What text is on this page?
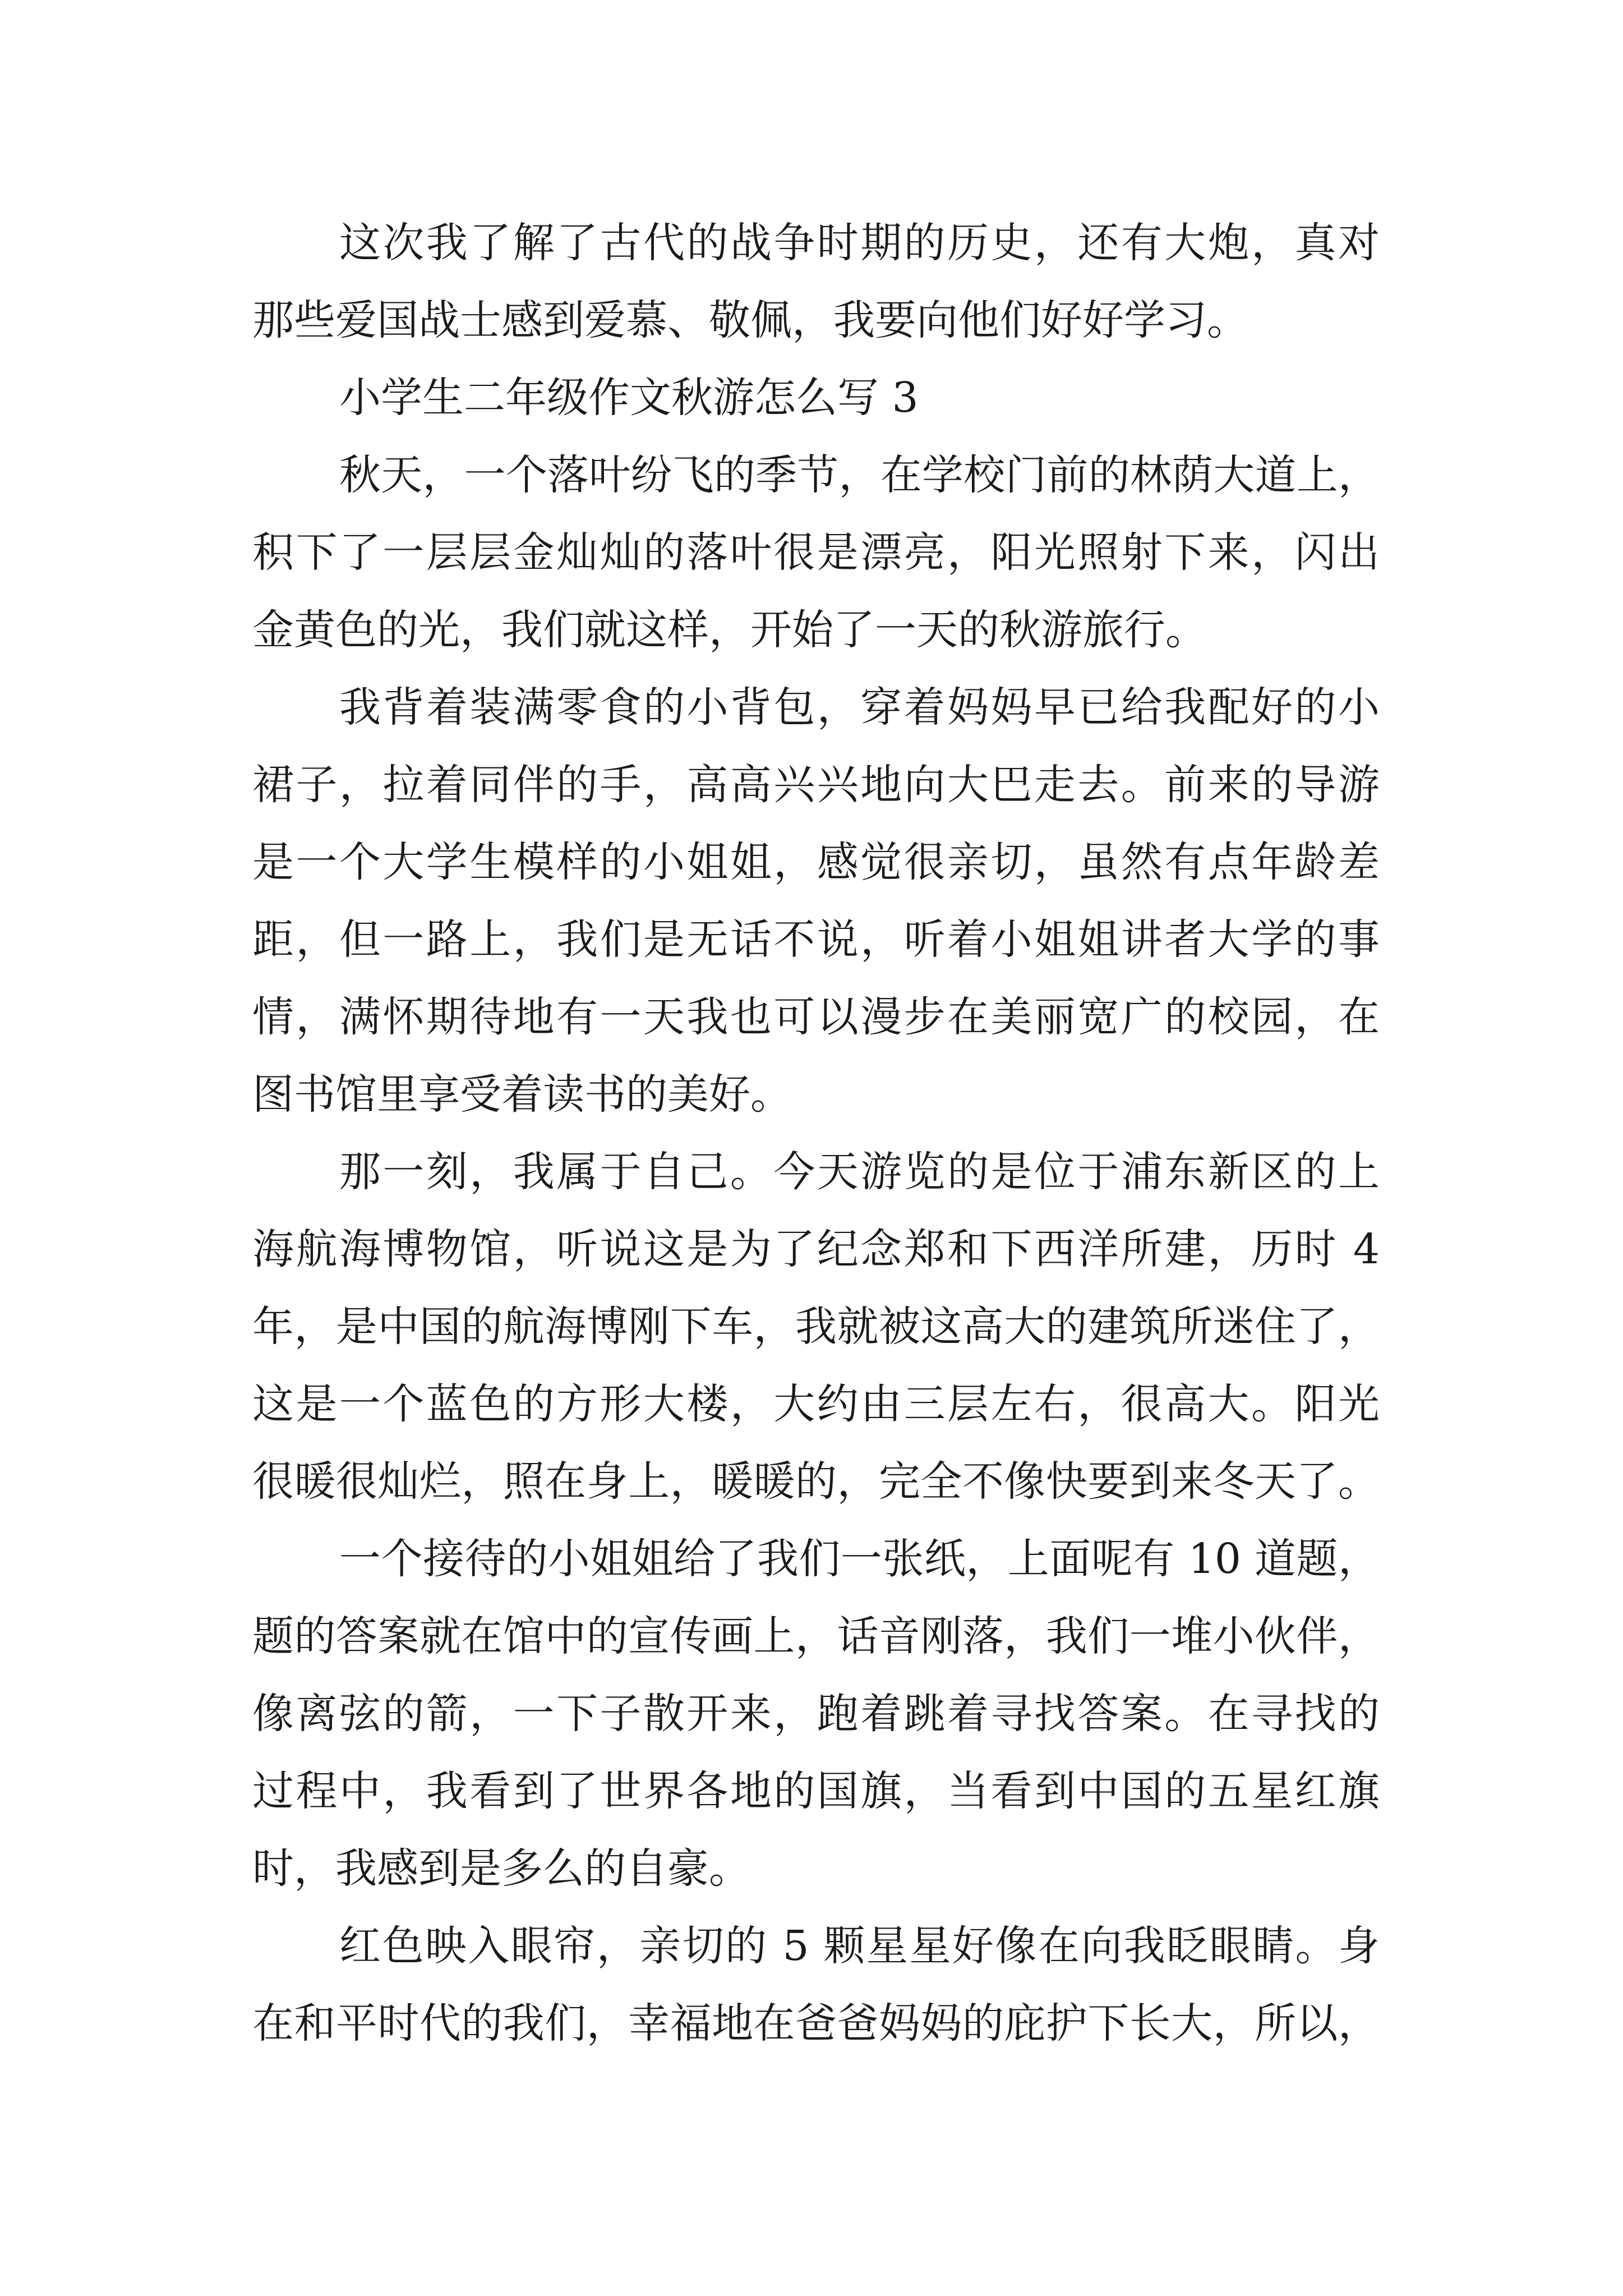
这次我了解了古代的战争时期的历史，还有大炮，真对
那些爱国战士感到爱慕、敬佩，我要向他们好好学习。
小学生二年级作文秋游怎么写 3
秋天，一个落叶纷飞的季节，在学校门前的林荫大道上，
积下了一层层金灿灿的落叶很是漂亮，阳光照射下来，闪出
金黄色的光，我们就这样，开始了一天的秋游旅行。
我背着装满零食的小背包，穿着妈妈早已给我配好的小
裙子，拉着同伴的手，高高兴兴地向大巴走去。前来的导游
是一个大学生模样的小姐姐，感觉很亲切，虽然有点年龄差
距，但一路上，我们是无话不说，听着小姐姐讲者大学的事
情，满怀期待地有一天我也可以漫步在美丽宽广的校园，在
图书馆里享受着读书的美好。
那一刻，我属于自己。今天游览的是位于浦东新区的上
海航海博物馆，听说这是为了纪念郑和下西洋所建，历时 4
年，是中国的航海博刚下车，我就被这高大的建筑所迷住了，
这是一个蓝色的方形大楼，大约由三层左右，很高大。阳光
很暖很灿烂，照在身上，暖暖的，完全不像快要到来冬天了。
一个接待的小姐姐给了我们一张纸，上面呢有 10 道题，
题的答案就在馆中的宣传画上，话音刚落，我们一堆小伙伴，
像离弦的箭，一下子散开来，跑着跳着寻找答案。在寻找的
过程中，我看到了世界各地的国旗，当看到中国的五星红旗
时，我感到是多么的自豪。
红色映入眼帘，亲切的 5 颗星星好像在向我眨眼睛。身
在和平时代的我们，幸福地在爸爸妈妈的庇护下长大，所以，
